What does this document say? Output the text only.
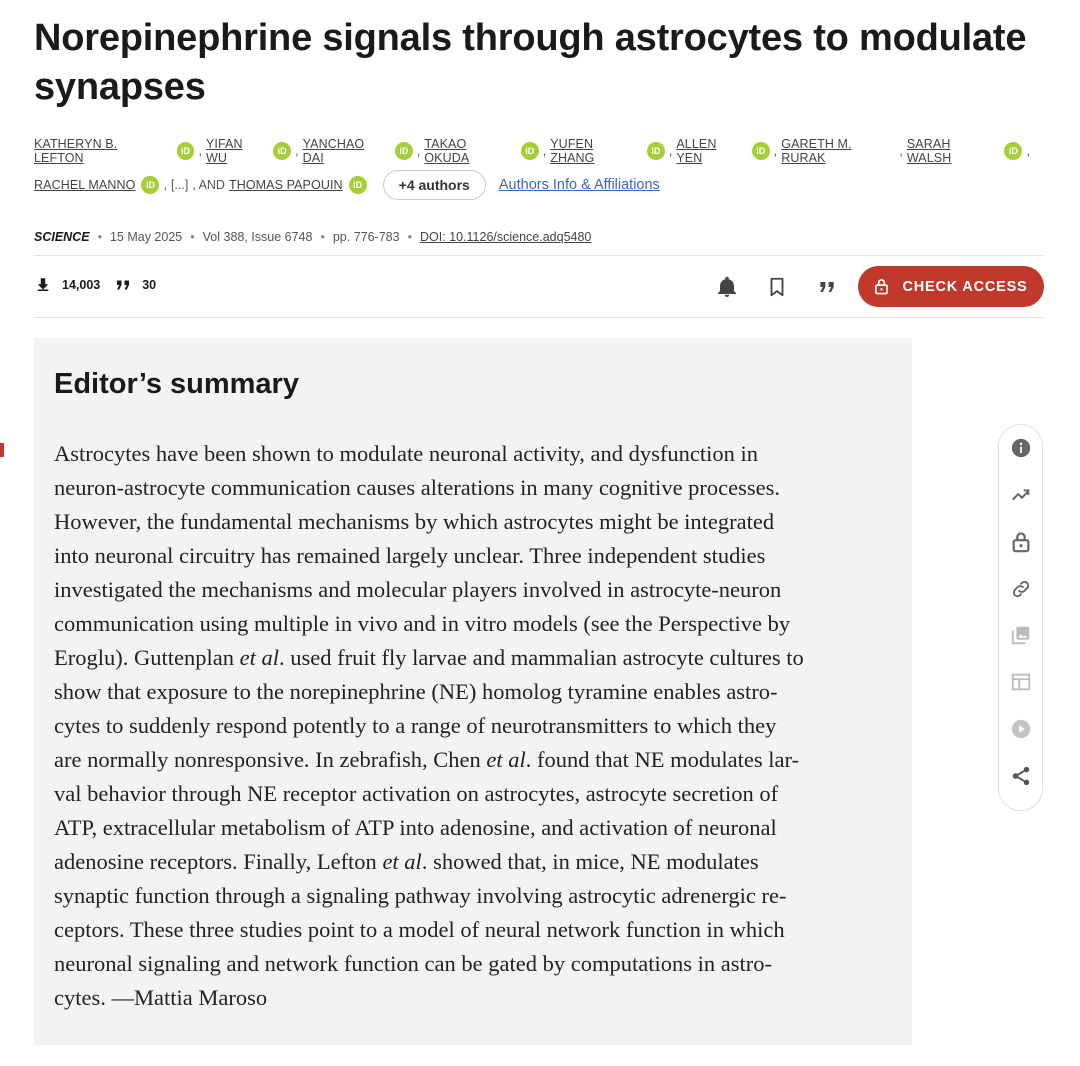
Norepinephrine signals through astrocytes to modulate
synapses
KATHERYN B. LEFTON	iD , YIFAN WU	iD , YANCHAO DAI	iD , TAKAO OKUDA	iD , YUFEN ZHANG	iD , ALLEN YEN	iD , GARETH M. RURAK	, SARAH WALSH	iD ,
RACHEL MANNO	iD , [...] , AND THOMAS PAPOUIN	iD	+4 authors	Authors Info & Affiliations
SCIENCE • 15 May 2025 • Vol 388, Issue 6748 • pp. 776-783 • DOI: 10.1126/science.adq5480
14,003	30	CHECK ACCESS
Editor’s summary
Astrocytes have been shown to modulate neuronal activity, and dysfunction in
neuron-astrocyte communication causes alterations in many cognitive processes.
However, the fundamental mechanisms by which astrocytes might be integrated
into neuronal circuitry has remained largely unclear. Three independent studies
investigated the mechanisms and molecular players involved in astrocyte-neuron
communication using multiple in vivo and in vitro models (see the Perspective by
Eroglu). Guttenplan et al. used fruit fly larvae and mammalian astrocyte cultures to
show that exposure to the norepinephrine (NE) homolog tyramine enables astro-
cytes to suddenly respond potently to a range of neurotransmitters to which they
are normally nonresponsive. In zebrafish, Chen et al. found that NE modulates lar-
val behavior through NE receptor activation on astrocytes, astrocyte secretion of
ATP, extracellular metabolism of ATP into adenosine, and activation of neuronal
adenosine receptors. Finally, Lefton et al. showed that, in mice, NE modulates
synaptic function through a signaling pathway involving astrocytic adrenergic re-
ceptors. These three studies point to a model of neural network function in which
neuronal signaling and network function can be gated by computations in astro-
cytes. —Mattia Maroso
